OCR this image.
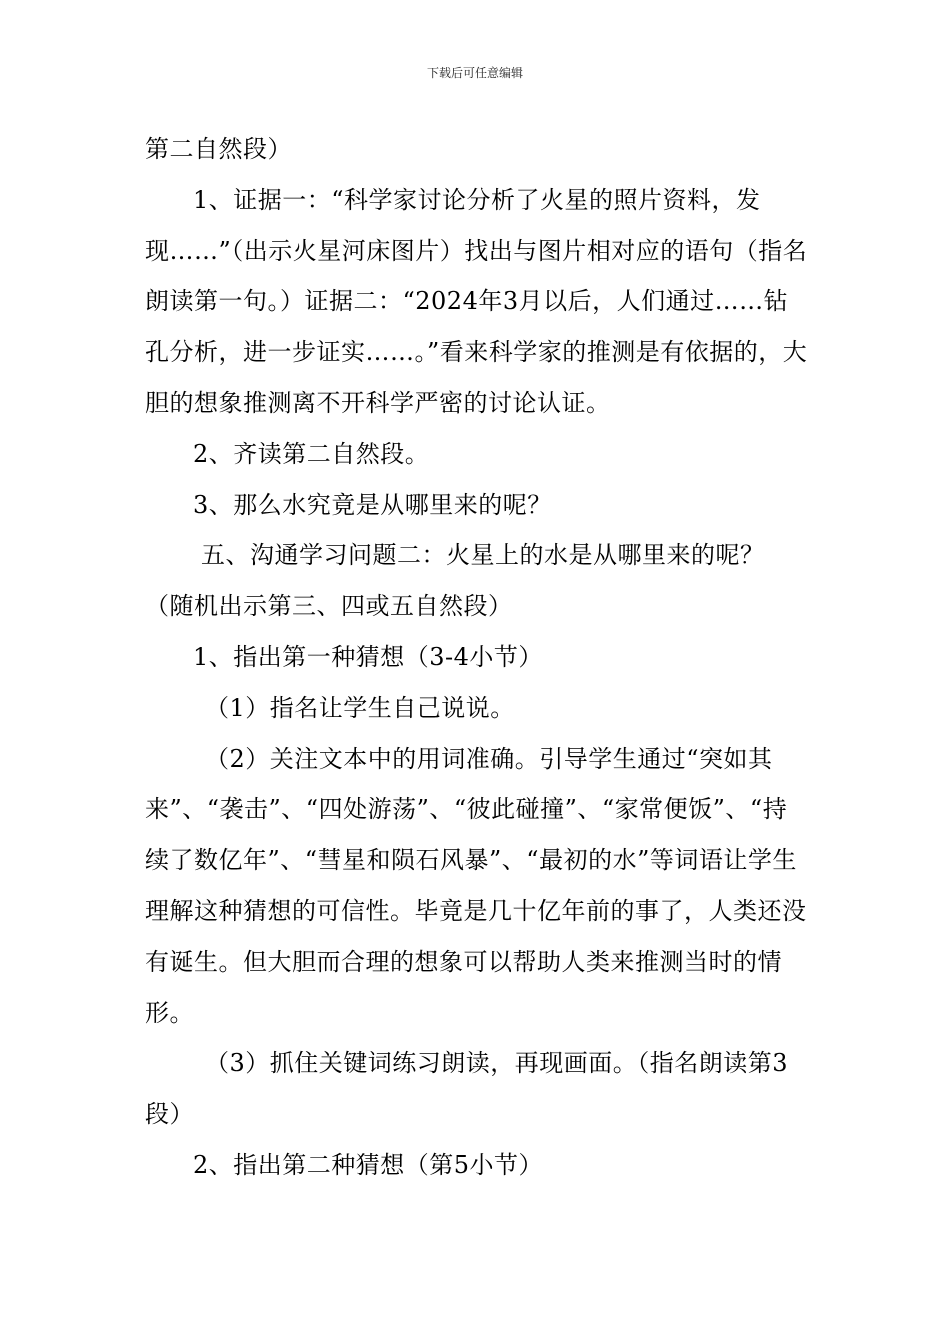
下载后可任意编辑

第二自然段）

1、证据一：“科学家讨论分析了火星的照片资料，发现……”（出示火星河床图片）找出与图片相对应的语句（指名朗读第一句。）证据二：“2024年3月以后，人们通过……钻孔分析，进一步证实……。”看来科学家的推测是有依据的，大胆的想象推测离不开科学严密的讨论认证。

2、齐读第二自然段。

3、那么水究竟是从哪里来的呢？

五、沟通学习问题二：火星上的水是从哪里来的呢？（随机出示第三、四或五自然段）

1、指出第一种猜想（3-4小节）

（1）指名让学生自己说说。

（2）关注文本中的用词准确。引导学生通过“突如其来”、“袭击”、“四处游荡”、“彼此碰撞”、“家常便饭”、“持续了数亿年”、“彗星和陨石风暴”、“最初的水”等词语让学生理解这种猜想的可信性。毕竟是几十亿年前的事了，人类还没有诞生。但大胆而合理的想象可以帮助人类来推测当时的情形。

（3）抓住关键词练习朗读，再现画面。（指名朗读第3段）

2、指出第二种猜想（第5小节）
